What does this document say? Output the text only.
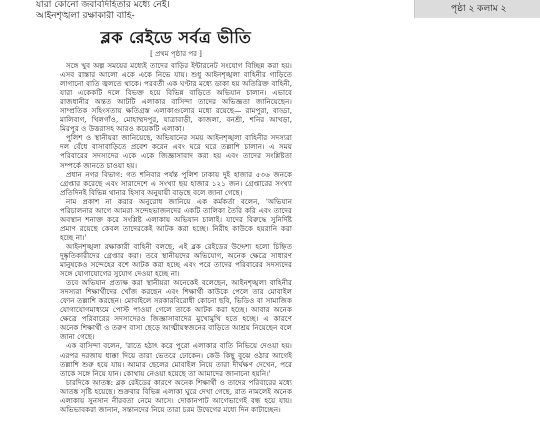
যারা কোনো জবাবদিহিতার মধ্যে নেই।
আইনশৃঙ্খলা রক্ষাকারী বাহি-
পৃষ্ঠা ২ কলাম ২
ব্লক রেইডে সর্বত্র ভীতি
[ প্রথম পৃষ্ঠার পর ]

সঙ্গে খুব অল্প সময়ের মধ্যেই তাদের বাড়ির ইন্টারনেট সংযোগ বিচ্ছিন্ন করা হয়। এসব রাস্তার আলো একে একে নিভে যায়। শুধু আইনশৃঙ্খলা বাহিনীর গাড়িতে লাগানো বাতি জ্বলতে থাকে। পরবর্তী এক ঘণ্টার মধ্যে ডাকা হয় অতিরিক্ত বাহিনী, যারা একেকটি দলে বিভক্ত হয়ে বিভিন্ন বাড়িতে অভিযান চালান। এভাবে রাজধানীর অন্তত আটটি এলাকার বাসিন্দা তাদের অভিজ্ঞতা জানিয়েছেন। সাম্প্রতিক সহিংসতায় ক্ষতিগ্রস্ত এলাকাগুলোর মধ্যে রয়েছে— রামপুরা, বাড্ডা, মালিবাগ, খিলগাঁও, মোহাম্মদপুর, যাত্রাবাড়ী, কাজলা, বনশ্রী, শনির আখড়া, মিরপুর ও উত্তরাসহ আরও কয়েকটি এলাকা।

পুলিশ ও স্থানীয়রা জানিয়েছে, অভিযানের সময় আইনশৃঙ্খলা বাহিনীর সদস্যরা দল বেঁধে বাসাবাড়িতে প্রবেশ করেন এবং ঘরে ঘরে তল্লাশি চালান। এ সময় পরিবারের সদস্যদের একে একে জিজ্ঞাসাবাদ করা হয় এবং তাদের সংশ্লিষ্টতা সম্পর্কে জানতে চাওয়া হয়।

প্রধান নগর বিভাগ: গত শনিবার পর্যন্ত পুলিশ ঢাকায় দুই হাজার ৫৩৬ জনকে গ্রেপ্তার করেছে এবং সারাদেশে এ সংখ্যা ছয় হাজার ১২১ জন। গ্রেপ্তারের সংখ্যা প্রতিদিনই বিভিন্ন থানার হিসাব অনুযায়ী বাড়ছে বলে জানা গেছে।

নাম প্রকাশ না করার অনুরোধ জানিয়ে এক কর্মকর্তা বলেন, 'অভিযান পরিচালনার আগে আমরা সন্দেহভাজনদের একটি তালিকা তৈরি করি এবং তাদের অবস্থান শনাক্ত করে সংশ্লিষ্ট এলাকায় অভিযান চালাই। যাদের বিরুদ্ধে সুনির্দিষ্ট প্রমাণ রয়েছে কেবল তাদেরকেই আটক করা হচ্ছে। নিরীহ কাউকে হয়রানি করা হচ্ছে না।'

আইনশৃঙ্খলা রক্ষাকারী বাহিনী বলছে, এই ব্লক রেইডের উদ্দেশ্য হলো চিহ্নিত দুষ্কৃতিকারীদের গ্রেপ্তার করা। তবে স্থানীয়দের অভিযোগ, অনেক ক্ষেত্রে সাধারণ মানুষকেও সন্দেহের বশে আটক করা হচ্ছে এবং পরে তাদের পরিবারের সদস্যদের সঙ্গে যোগাযোগের সুযোগ দেওয়া হচ্ছে না।

তবে অভিযান প্রত্যক্ষ করা স্থানীয়রা অনেকেই বলেছেন, আইনশৃঙ্খলা বাহিনীর সদস্যরা শিক্ষার্থীদের খোঁজ করছেন এবং শিক্ষার্থী কাউকে পেলে তার মোবাইল ফোন তল্লাশি করছেন। মোবাইলে সরকারবিরোধী কোনো ছবি, ভিডিও বা সামাজিক যোগাযোগমাধ্যমে পোস্ট পাওয়া গেলে তাকে আটক করা হচ্ছে। আবার অনেক ক্ষেত্রে পরিবারের সদস্যদেরও জিজ্ঞাসাবাদের মুখোমুখি হতে হচ্ছে। এ কারণে অনেক শিক্ষার্থী ও তরুণ বাসা ছেড়ে আত্মীয়স্বজনের বাড়িতে আশ্রয় নিয়েছেন বলে জানা গেছে।

এক বাসিন্দা বলেন, 'রাতে হঠাৎ করে পুরো এলাকার বাতি নিভিয়ে দেওয়া হয়। এরপর দরজায় ধাক্কা দিয়ে তারা ভেতরে ঢোকেন। কেউ কিছু বুঝে ওঠার আগেই তল্লাশি শুরু হয়ে যায়। আমার ছেলের মোবাইল নিয়ে তারা দীর্ঘক্ষণ দেখেন, পরে তাকে সঙ্গে নিয়ে যান। কোথায় নেওয়া হয়েছে তা আমাদের জানানো হয়নি।'

চারদিকে আতঙ্ক: ব্লক রেইডের কারণে অনেক শিক্ষার্থী ও তাদের পরিবারের মধ্যে আতঙ্ক সৃষ্টি হয়েছে। শুক্রবার বিভিন্ন এলাকা ঘুরে দেখা গেছে, রাত নামলেই অনেক এলাকায় সুনসান নীরবতা নেমে আসে। দোকানপাট আগেভাগেই বন্ধ হয়ে যায়। অভিভাবকরা জানান, সন্তানদের নিয়ে তারা চরম উদ্বেগের মধ্যে দিন কাটাচ্ছেন।
